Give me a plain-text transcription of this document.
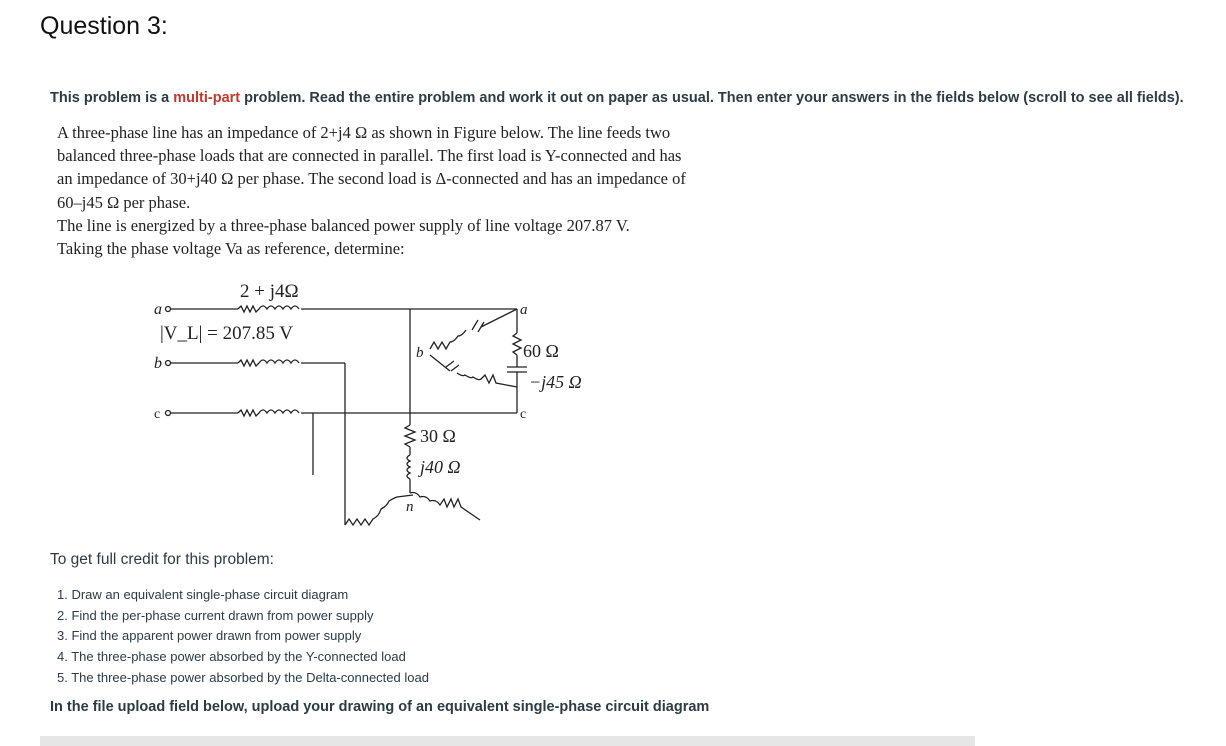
Question 3:
This problem is a multi-part problem. Read the entire problem and work it out on paper as usual. Then enter your answers in the fields below (scroll to see all fields).

A three-phase line has an impedance of 2+j4 Ω as shown in Figure below. The line feeds two balanced three-phase loads that are connected in parallel. The first load is Y-connected and has an impedance of 30+j40 Ω per phase. The second load is Δ-connected and has an impedance of 60–j45 Ω per phase.

The line is energized by a three-phase balanced power supply of line voltage 207.87 V.

Taking the phase voltage Va as reference, determine:

2 + j4Ω
a
|V_L| = 207.85 V
b
c
a
b
c
60 Ω
−j45 Ω
30 Ω
j40 Ω
n
To get full credit for this problem:
1. Draw an equivalent single-phase circuit diagram
2. Find the per-phase current drawn from power supply
3. Find the apparent power drawn from power supply
4. The three-phase power absorbed by the Y-connected load
5. The three-phase power absorbed by the Delta-connected load
In the file upload field below, upload your drawing of an equivalent single-phase circuit diagram
